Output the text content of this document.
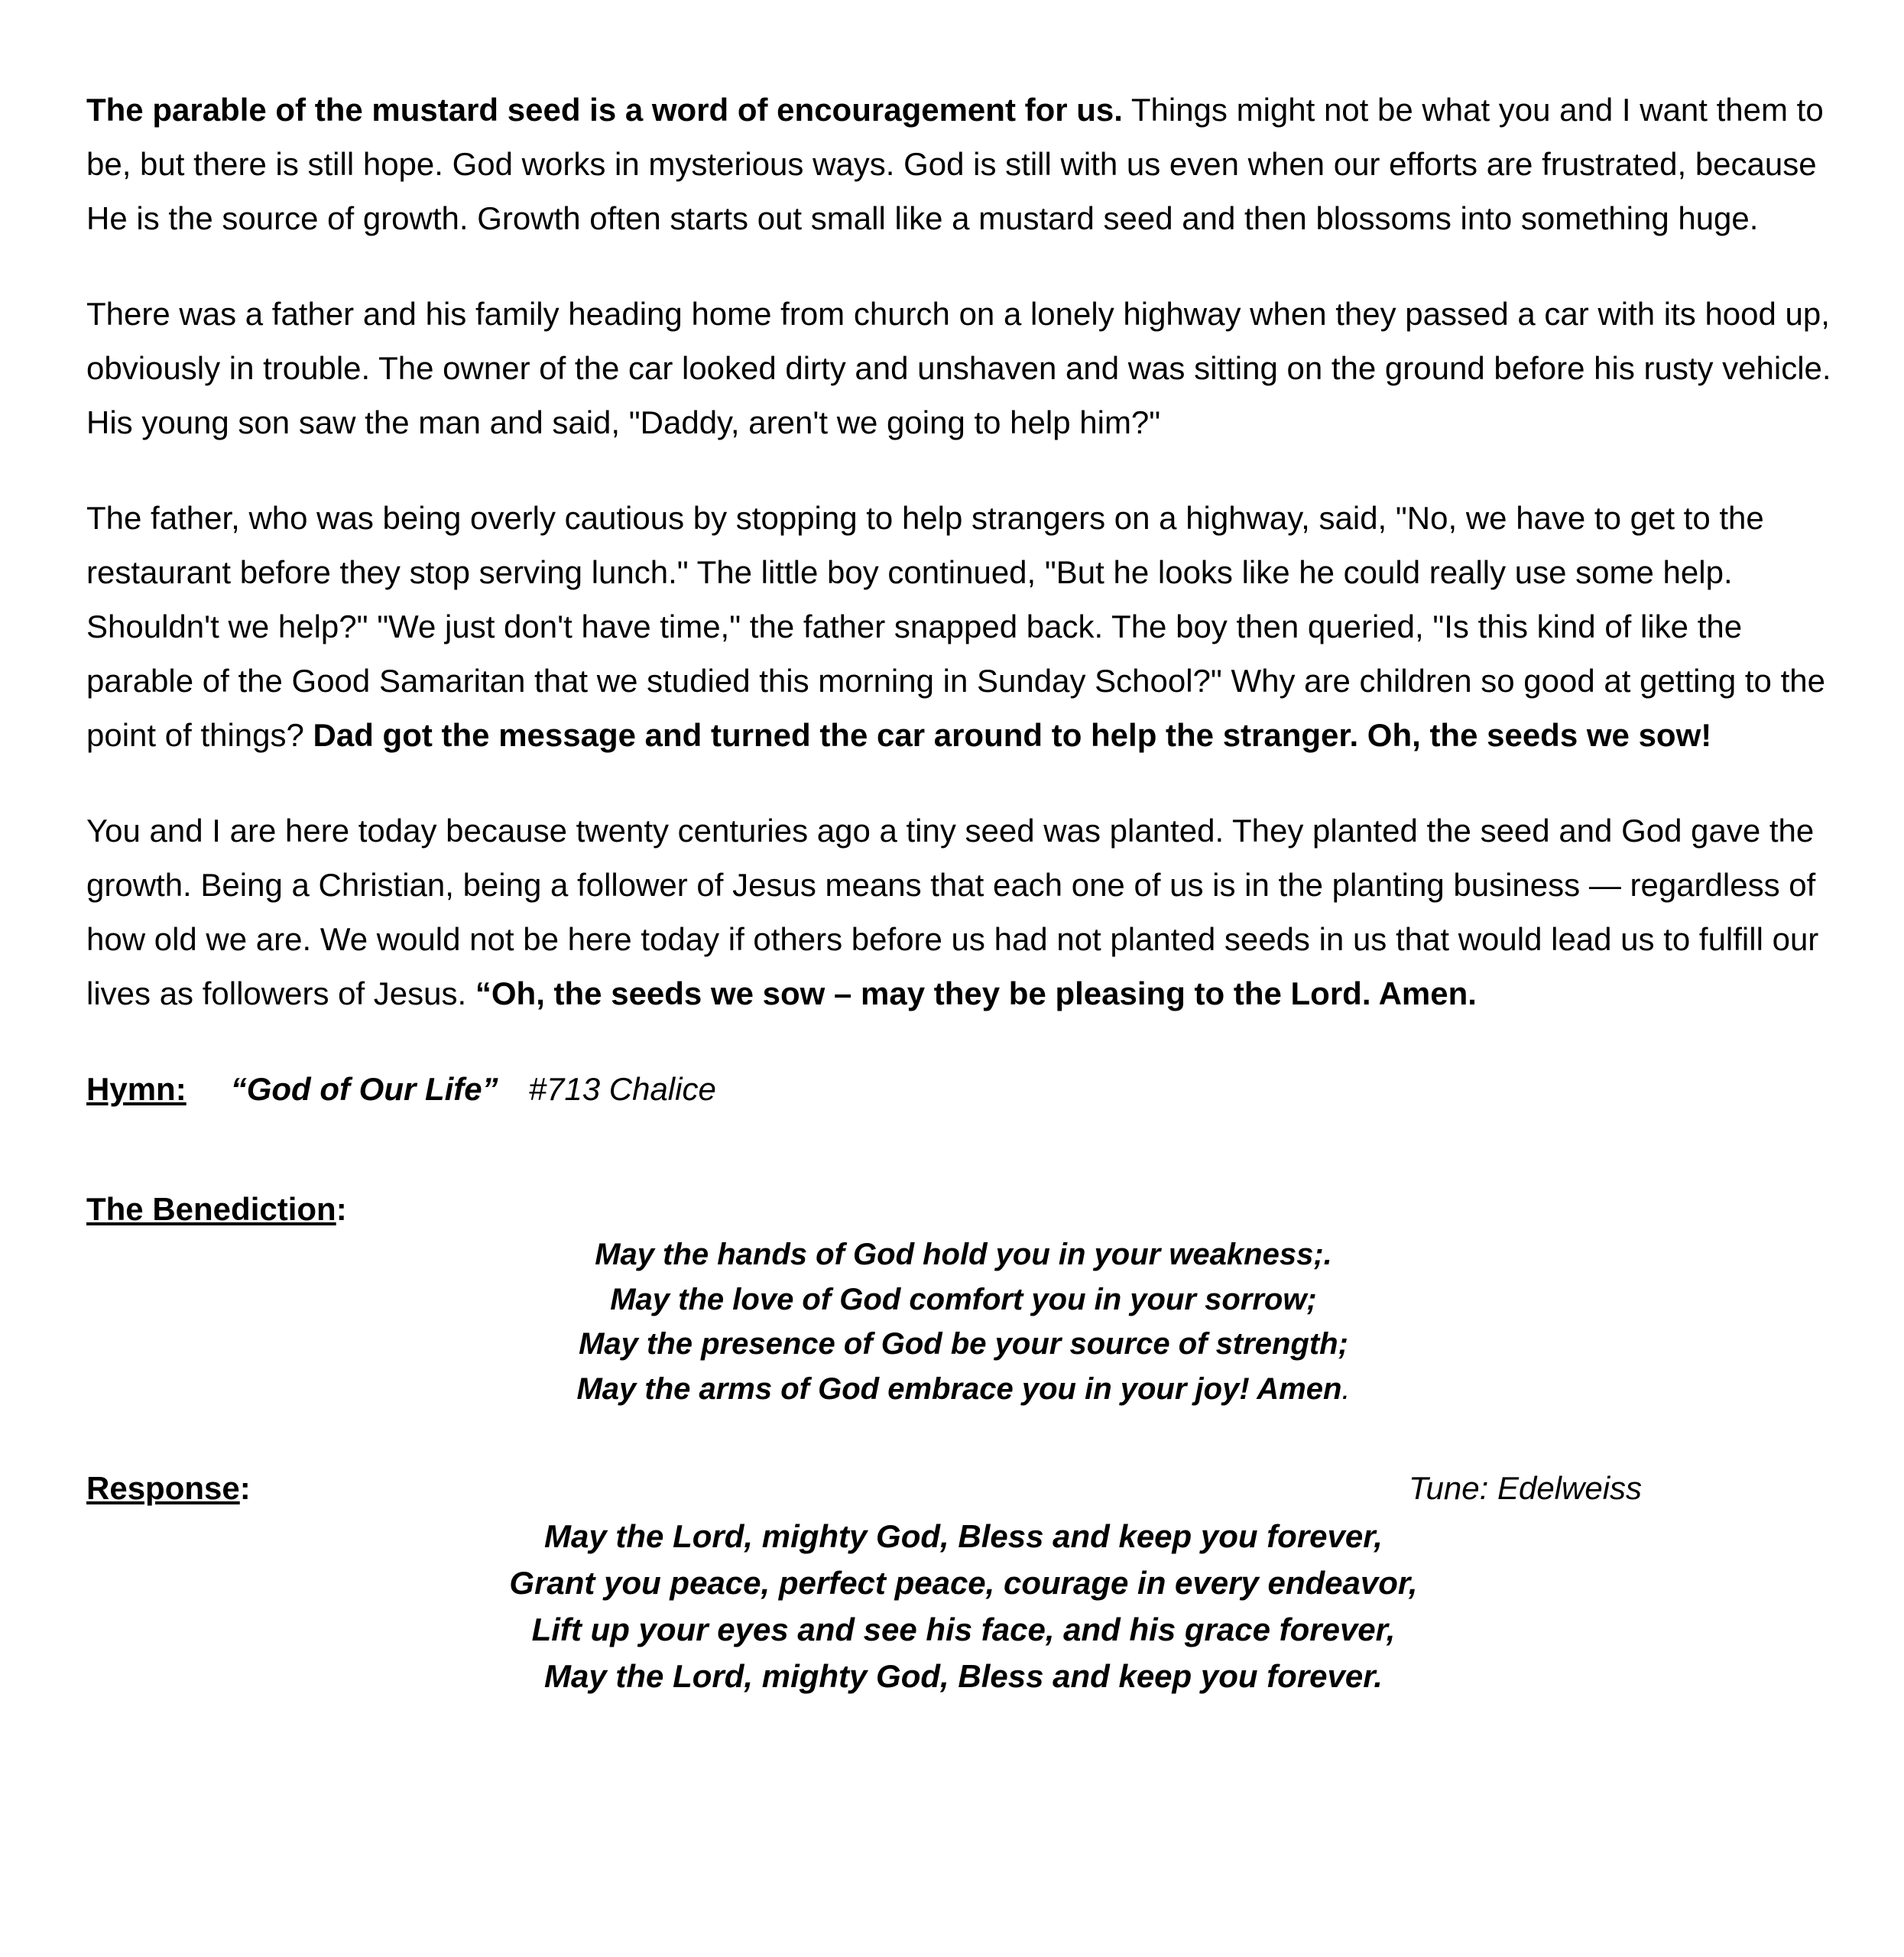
The parable of the mustard seed is a word of encouragement for us. Things might not be what you and I want them to be, but there is still hope. God works in mysterious ways. God is still with us even when our efforts are frustrated, because He is the source of growth. Growth often starts out small like a mustard seed and then blossoms into something huge.

There was a father and his family heading home from church on a lonely highway when they passed a car with its hood up, obviously in trouble. The owner of the car looked dirty and unshaven and was sitting on the ground before his rusty vehicle. His young son saw the man and said, "Daddy, aren't we going to help him?"

The father, who was being overly cautious by stopping to help strangers on a highway, said, "No, we have to get to the restaurant before they stop serving lunch." The little boy continued, "But he looks like he could really use some help. Shouldn't we help?" "We just don't have time," the father snapped back. The boy then queried, "Is this kind of like the parable of the Good Samaritan that we studied this morning in Sunday School?" Why are children so good at getting to the point of things? Dad got the message and turned the car around to help the stranger. Oh, the seeds we sow!

You and I are here today because twenty centuries ago a tiny seed was planted. They planted the seed and God gave the growth. Being a Christian, being a follower of Jesus means that each one of us is in the planting business — regardless of how old we are. We would not be here today if others before us had not planted seeds in us that would lead us to fulfill our lives as followers of Jesus. “Oh, the seeds we sow – may they be pleasing to the Lord. Amen.

Hymn: “God of Our Life” #713 Chalice
The Benediction:
May the hands of God hold you in your weakness;.
May the love of God comfort you in your sorrow;
May the presence of God be your source of strength;
May the arms of God embrace you in your joy! Amen.
Response:	Tune: Edelweiss
May the Lord, mighty God, Bless and keep you forever,
Grant you peace, perfect peace, courage in every endeavor,
Lift up your eyes and see his face, and his grace forever,
May the Lord, mighty God, Bless and keep you forever.
